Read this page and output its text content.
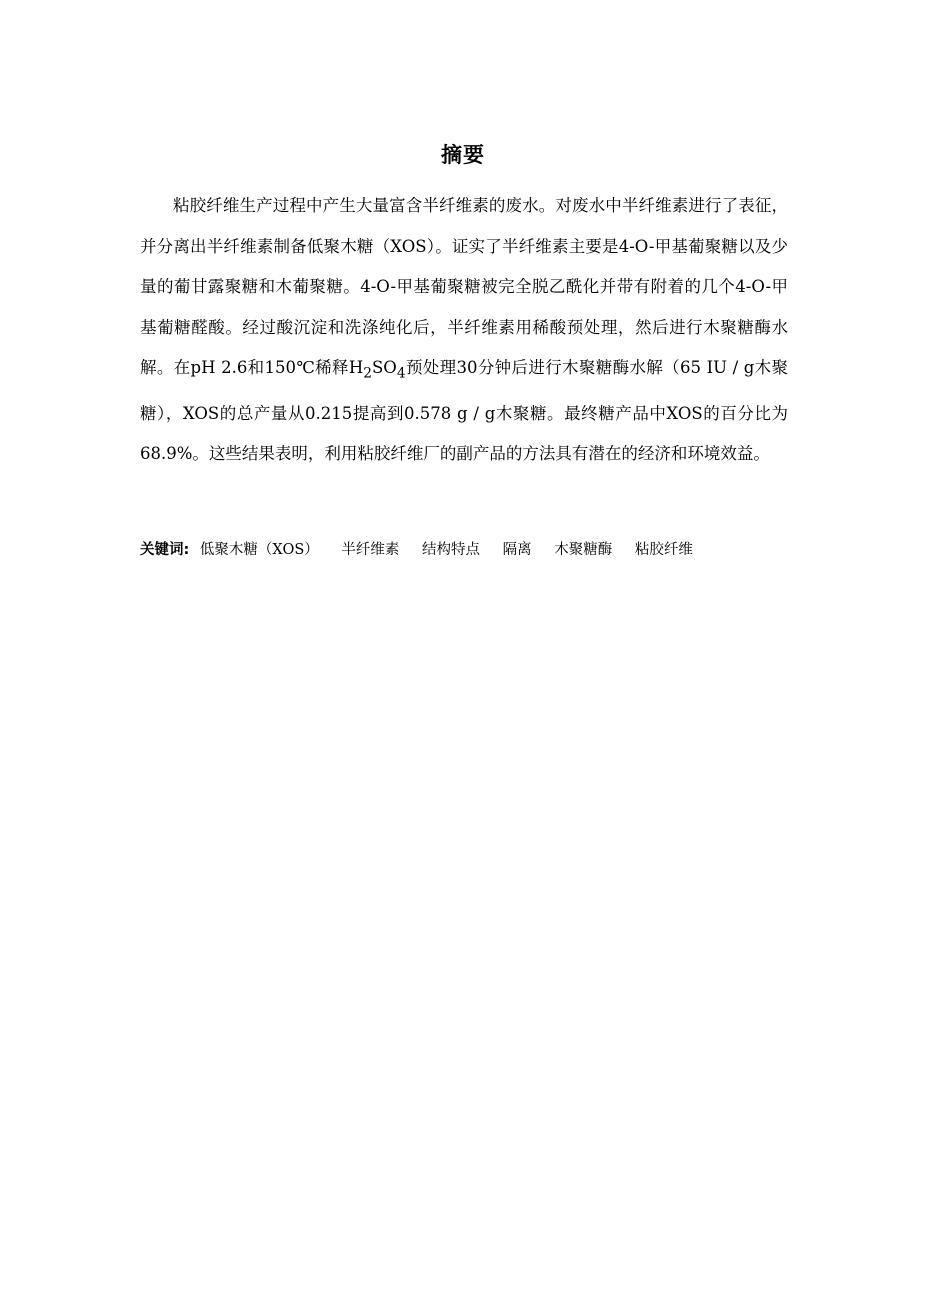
摘要

粘胶纤维生产过程中产生大量富含半纤维素的废水。对废水中半纤维素进行了表征，并分离出半纤维素制备低聚木糖（XOS）。证实了半纤维素主要是4-O-甲基葡聚糖以及少量的葡甘露聚糖和木葡聚糖。4-O-甲基葡聚糖被完全脱乙酰化并带有附着的几个4-O-甲基葡糖醛酸。经过酸沉淀和洗涤纯化后，半纤维素用稀酸预处理，然后进行木聚糖酶水解。在pH 2.6和150℃稀释$H_2SO_4$预处理30分钟后进行木聚糖酶水解（65 IU / g木聚糖），XOS的总产量从0.215提高到0.578 g / g木聚糖。最终糖产品中XOS的百分比为68.9%。这些结果表明，利用粘胶纤维厂的副产品的方法具有潜在的经济和环境效益。

关键词: 低聚木糖（XOS） 半纤维素 结构特点 隔离 木聚糖酶 粘胶纤维
